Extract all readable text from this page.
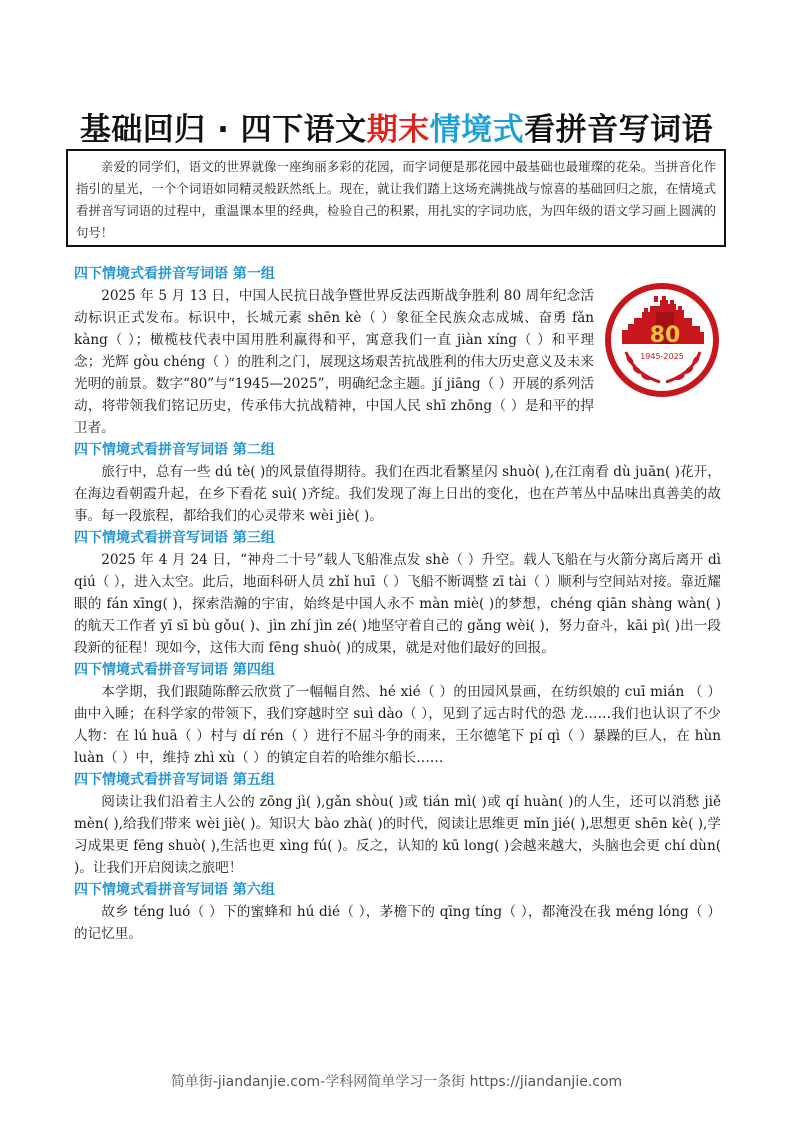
基础回归 · 四下语文期末情境式看拼音写词语
亲爱的同学们，语文的世界就像一座绚丽多彩的花园，而字词便是那花园中最基础也最璀璨的花朵。当拼音化作指引的星光，一个个词语如同精灵般跃然纸上。现在，就让我们踏上这场充满挑战与惊喜的基础回归之旅，在情境式看拼音写词语的过程中，重温课本里的经典，检验自己的积累，用扎实的字词功底，为四年级的语文学习画上圆满的句号！
80
1945-2025
四下情境式看拼音写词语 第一组
2025 年 5 月 13 日，中国人民抗日战争暨世界反法西斯战争胜利 80 周年纪念活动标识正式发布。标识中，长城元素 shēn kè（ ）象征全民族众志成城、奋勇 fǎn kàng（ ）；橄榄枝代表中国用胜利赢得和平，寓意我们一直 jiàn xíng（ ）和平理念；光辉 gòu chéng（ ）的胜利之门，展现这场艰苦抗战胜利的伟大历史意义及未来光明的前景。数字“80”与“1945—2025”，明确纪念主题。jí jiāng（ ）开展的系列活动，将带领我们铭记历史，传承伟大抗战精神，中国人民 shī zhōng（ ）是和平的捍卫者。
四下情境式看拼音写词语 第二组
旅行中，总有一些 dú tè( )的风景值得期待。我们在西北看繁星闪 shuò( ),在江南看 dù juān( )花开，在海边看朝霞升起，在乡下看花 suì( )齐绽。我们发现了海上日出的变化，也在芦苇丛中品味出真善美的故事。每一段旅程，都给我们的心灵带来 wèi jiè( )。
四下情境式看拼音写词语 第三组
2025 年 4 月 24 日，“神舟二十号”载人飞船准点发 shè（ ）升空。载人飞船在与火箭分离后离开 dì qiú（ ），进入太空。此后，地面科研人员 zhǐ huī（ ）飞船不断调整 zī tài（ ）顺利与空间站对接。靠近耀眼的 fán xīng( )，探索浩瀚的宇宙，始终是中国人永不 màn miè( )的梦想，chéng qiān shàng wàn( )的航天工作者 yī sī bù gǒu( )、jìn zhí jìn zé( )地坚守着自己的 gǎng wèi( )，努力奋斗，kāi pì( )出一段段新的征程！现如今，这伟大而 fēng shuò( )的成果，就是对他们最好的回报。
四下情境式看拼音写词语 第四组
本学期，我们跟随陈醉云欣赏了一幅幅自然、hé xié（ ）的田园风景画，在纺织娘的 cuī mián （ ）曲中入睡；在科学家的带领下，我们穿越时空 suì dào（ ），见到了远古时代的恐 龙……我们也认识了不少人物：在 lú huā（ ）村与 dí rén（ ）进行不屈斗争的雨来，王尔德笔下 pí qì（ ）暴躁的巨人，在 hùn luàn（ ）中，维持 zhì xù（ ）的镇定自若的哈维尔船长……
四下情境式看拼音写词语 第五组
阅读让我们沿着主人公的 zōng jì( ),gǎn shòu( )或 tián mì( )或 qí huàn( )的人生，还可以消愁 jiě mèn( ),给我们带来 wèi jiè( )。知识大 bào zhà( )的时代，阅读让思维更 mǐn jié( ),思想更 shēn kè( ),学习成果更 fēng shuò( ),生活也更 xìng fú( )。反之，认知的 kū long( )会越来越大，头脑也会更 chí dùn( )。让我们开启阅读之旅吧！
四下情境式看拼音写词语 第六组
故乡 téng luó（ ）下的蜜蜂和 hú dié（ ），茅檐下的 qīng tíng（ ），都淹没在我 méng lóng（ ）的记忆里。
简单街-jiandanjie.com-学科网简单学习一条街 https://jiandanjie.com
